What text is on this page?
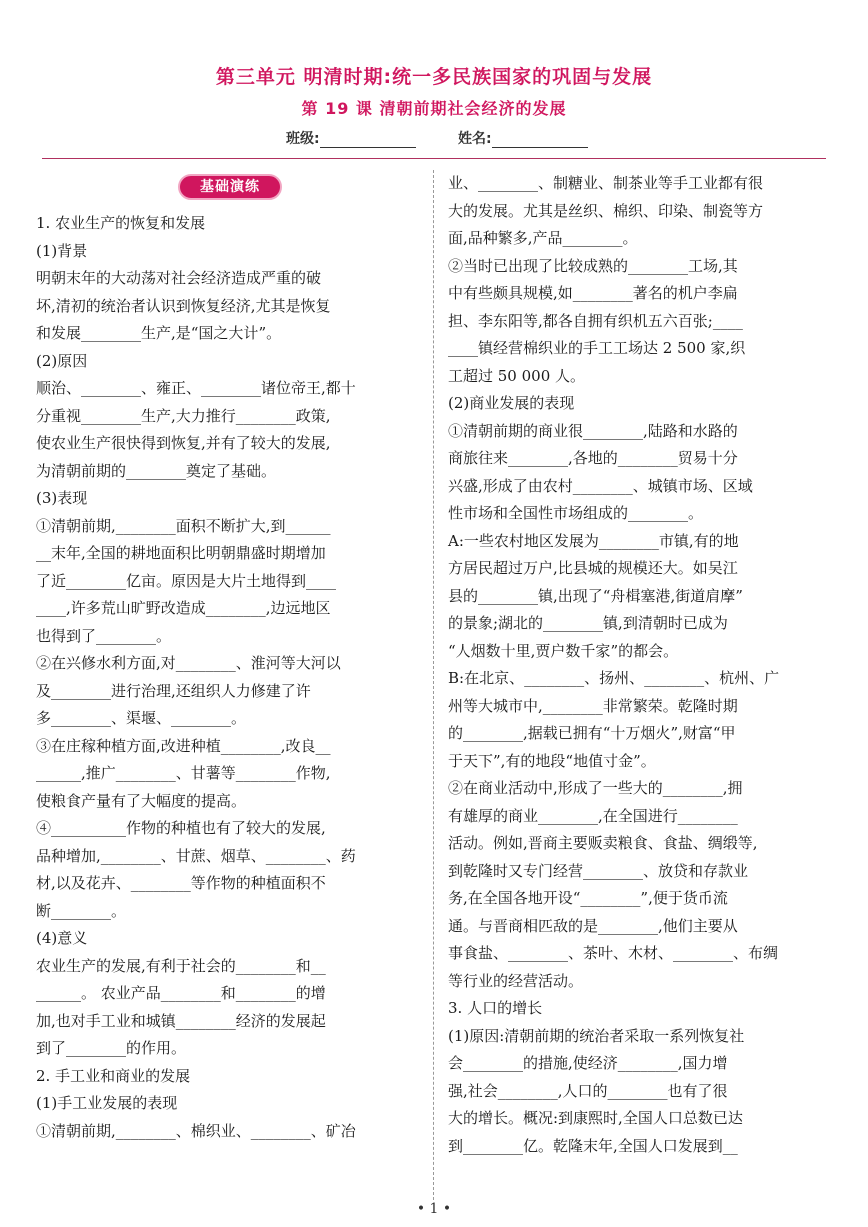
第三单元 明清时期:统一多民族国家的巩固与发展
第 19 课 清朝前期社会经济的发展
班级:	姓名:
基础演练
1. 农业生产的恢复和发展
(1)背景
明朝末年的大动荡对社会经济造成严重的破
坏,清初的统治者认识到恢复经济,尤其是恢复
和发展________生产,是“国之大计”。
(2)原因
顺治、________、雍正、________诸位帝王,都十
分重视________生产,大力推行________政策,
使农业生产很快得到恢复,并有了较大的发展,
为清朝前期的________奠定了基础。
(3)表现
①清朝前期,________面积不断扩大,到______
__末年,全国的耕地面积比明朝鼎盛时期增加
了近________亿亩。原因是大片土地得到____
____,许多荒山旷野改造成________,边远地区
也得到了________。
②在兴修水利方面,对________、淮河等大河以
及________进行治理,还组织人力修建了许
多________、渠堰、________。
③在庄稼种植方面,改进种植________,改良__
______,推广________、甘薯等________作物,
使粮食产量有了大幅度的提高。
④__________作物的种植也有了较大的发展,
品种增加,________、甘蔗、烟草、________、药
材,以及花卉、________等作物的种植面积不
断________。
(4)意义
农业生产的发展,有利于社会的________和__
______。 农业产品________和________的增
加,也对手工业和城镇________经济的发展起
到了________的作用。
2. 手工业和商业的发展
(1)手工业发展的表现
①清朝前期,________、棉织业、________、矿冶
业、________、制糖业、制茶业等手工业都有很
大的发展。尤其是丝织、棉织、印染、制瓷等方
面,品种繁多,产品________。
②当时已出现了比较成熟的________工场,其
中有些颇具规模,如________著名的机户李扁
担、李东阳等,都各自拥有织机五六百张;____
____镇经营棉织业的手工工场达 2 500 家,织
工超过 50 000 人。
(2)商业发展的表现
①清朝前期的商业很________,陆路和水路的
商旅往来________,各地的________贸易十分
兴盛,形成了由农村________、城镇市场、区域
性市场和全国性市场组成的________。
A:一些农村地区发展为________市镇,有的地
方居民超过万户,比县城的规模还大。如吴江
县的________镇,出现了“舟楫塞港,街道肩摩”
的景象;湖北的________镇,到清朝时已成为
“人烟数十里,贾户数千家”的都会。
B:在北京、________、扬州、________、杭州、广
州等大城市中,________非常繁荣。乾隆时期
的________,据载已拥有“十万烟火”,财富“甲
于天下”,有的地段“地值寸金”。
②在商业活动中,形成了一些大的________,拥
有雄厚的商业________,在全国进行________
活动。例如,晋商主要贩卖粮食、食盐、绸缎等,
到乾隆时又专门经营________、放贷和存款业
务,在全国各地开设“________”,便于货币流
通。与晋商相匹敌的是________,他们主要从
事食盐、________、茶叶、木材、________、布绸
等行业的经营活动。
3. 人口的增长
(1)原因:清朝前期的统治者采取一系列恢复社
会________的措施,使经济________,国力增
强,社会________,人口的________也有了很
大的增长。概况:到康熙时,全国人口总数已达
到________亿。乾隆末年,全国人口发展到__
• 1 •
